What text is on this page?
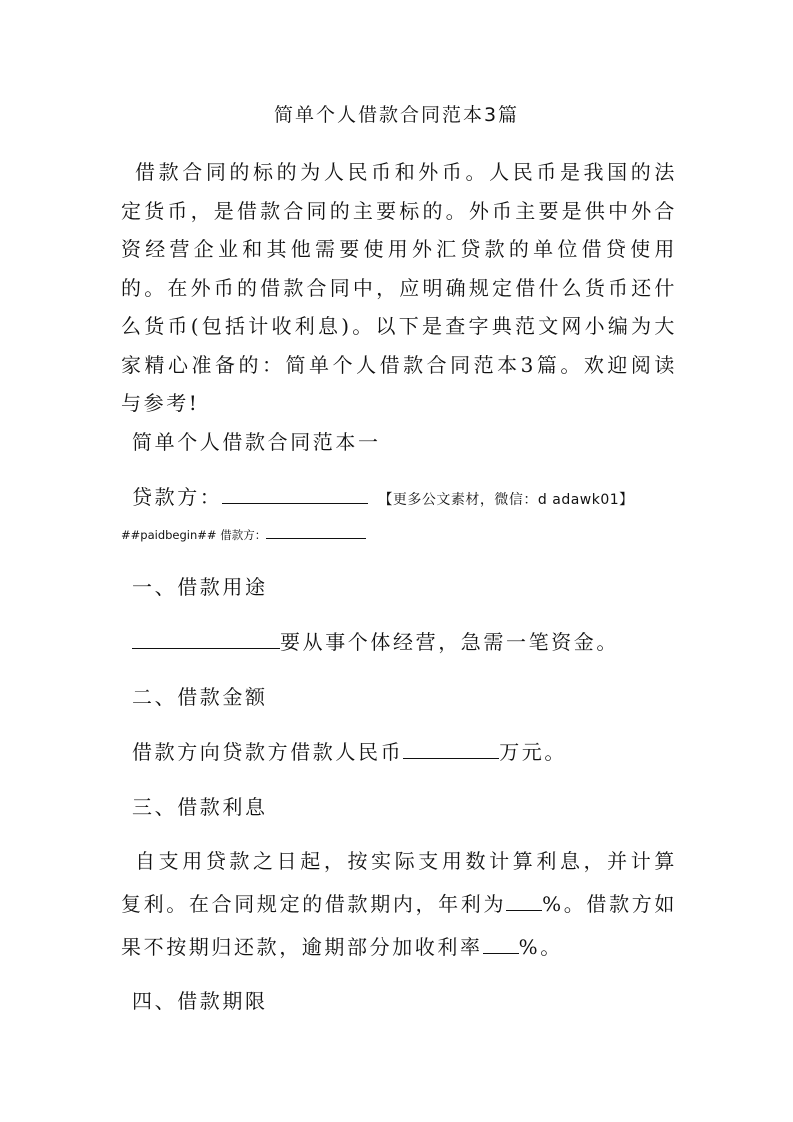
简单个人借款合同范本3篇

借款合同的标的为人民币和外币。人民币是我国的法定货币，是借款合同的主要标的。外币主要是供中外合资经营企业和其他需要使用外汇贷款的单位借贷使用的。在外币的借款合同中，应明确规定借什么货币还什么货币(包括计收利息)。以下是查字典范文网小编为大家精心准备的：简单个人借款合同范本3篇。欢迎阅读与参考!

简单个人借款合同范本一
贷款方：	【更多公文素材，微信：d adawk01】
##paidbegin## 借款方：
一、借款用途
要从事个体经营，急需一笔资金。
二、借款金额
借款方向贷款方借款人民币	万元。
三、借款利息

自支用贷款之日起，按实际支用数计算利息，并计算复利。在合同规定的借款期内，年利为 %。借款方如果不按期归还款，逾期部分加收利率 %。

四、借款期限
